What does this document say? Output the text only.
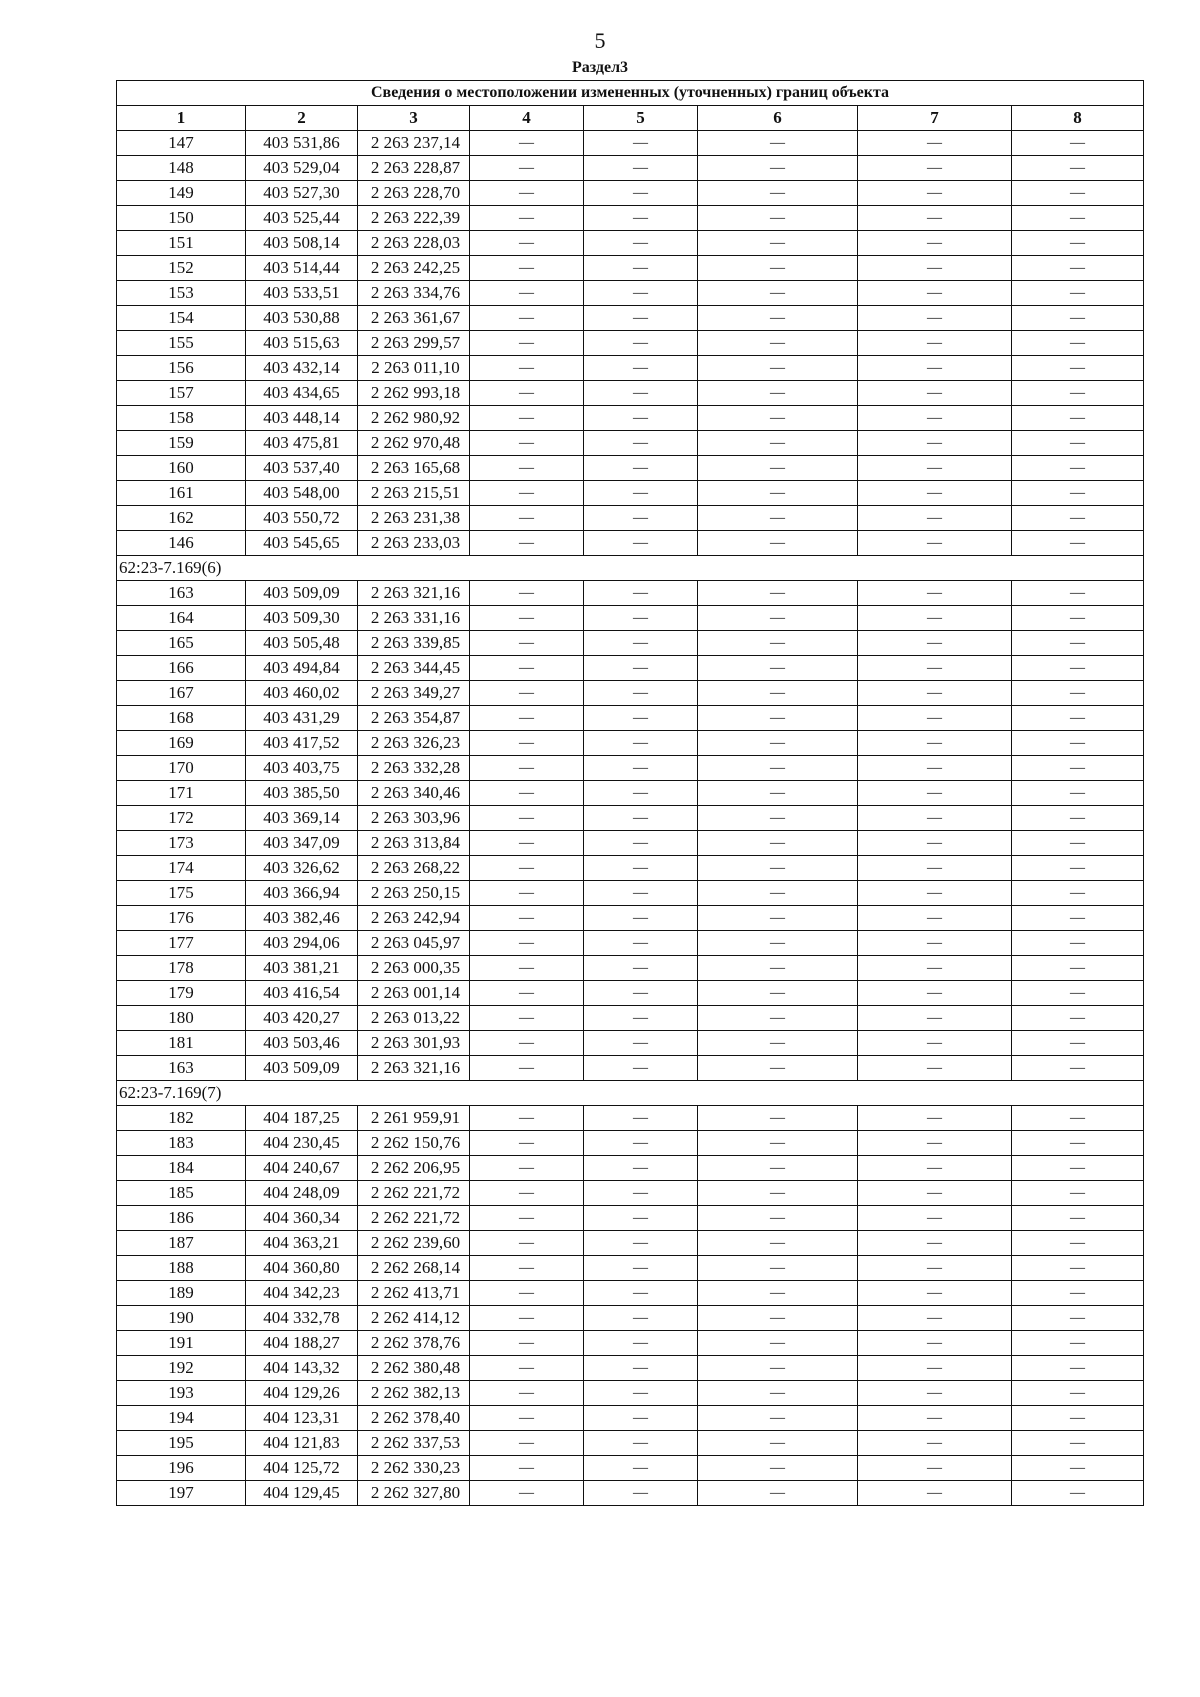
5
Раздел3
Сведения о местоположении измененных (уточненных) границ объекта							
1	2	3	4	5	6	7	8
147	403 531,86	2 263 237,14	—	—	—	—	—
148	403 529,04	2 263 228,87	—	—	—	—	—
149	403 527,30	2 263 228,70	—	—	—	—	—
150	403 525,44	2 263 222,39	—	—	—	—	—
151	403 508,14	2 263 228,03	—	—	—	—	—
152	403 514,44	2 263 242,25	—	—	—	—	—
153	403 533,51	2 263 334,76	—	—	—	—	—
154	403 530,88	2 263 361,67	—	—	—	—	—
155	403 515,63	2 263 299,57	—	—	—	—	—
156	403 432,14	2 263 011,10	—	—	—	—	—
157	403 434,65	2 262 993,18	—	—	—	—	—
158	403 448,14	2 262 980,92	—	—	—	—	—
159	403 475,81	2 262 970,48	—	—	—	—	—
160	403 537,40	2 263 165,68	—	—	—	—	—
161	403 548,00	2 263 215,51	—	—	—	—	—
162	403 550,72	2 263 231,38	—	—	—	—	—
146	403 545,65	2 263 233,03	—	—	—	—	—
62:23-7.169(6)							
163	403 509,09	2 263 321,16	—	—	—	—	—
164	403 509,30	2 263 331,16	—	—	—	—	—
165	403 505,48	2 263 339,85	—	—	—	—	—
166	403 494,84	2 263 344,45	—	—	—	—	—
167	403 460,02	2 263 349,27	—	—	—	—	—
168	403 431,29	2 263 354,87	—	—	—	—	—
169	403 417,52	2 263 326,23	—	—	—	—	—
170	403 403,75	2 263 332,28	—	—	—	—	—
171	403 385,50	2 263 340,46	—	—	—	—	—
172	403 369,14	2 263 303,96	—	—	—	—	—
173	403 347,09	2 263 313,84	—	—	—	—	—
174	403 326,62	2 263 268,22	—	—	—	—	—
175	403 366,94	2 263 250,15	—	—	—	—	—
176	403 382,46	2 263 242,94	—	—	—	—	—
177	403 294,06	2 263 045,97	—	—	—	—	—
178	403 381,21	2 263 000,35	—	—	—	—	—
179	403 416,54	2 263 001,14	—	—	—	—	—
180	403 420,27	2 263 013,22	—	—	—	—	—
181	403 503,46	2 263 301,93	—	—	—	—	—
163	403 509,09	2 263 321,16	—	—	—	—	—
62:23-7.169(7)							
182	404 187,25	2 261 959,91	—	—	—	—	—
183	404 230,45	2 262 150,76	—	—	—	—	—
184	404 240,67	2 262 206,95	—	—	—	—	—
185	404 248,09	2 262 221,72	—	—	—	—	—
186	404 360,34	2 262 221,72	—	—	—	—	—
187	404 363,21	2 262 239,60	—	—	—	—	—
188	404 360,80	2 262 268,14	—	—	—	—	—
189	404 342,23	2 262 413,71	—	—	—	—	—
190	404 332,78	2 262 414,12	—	—	—	—	—
191	404 188,27	2 262 378,76	—	—	—	—	—
192	404 143,32	2 262 380,48	—	—	—	—	—
193	404 129,26	2 262 382,13	—	—	—	—	—
194	404 123,31	2 262 378,40	—	—	—	—	—
195	404 121,83	2 262 337,53	—	—	—	—	—
196	404 125,72	2 262 330,23	—	—	—	—	—
197	404 129,45	2 262 327,80	—	—	—	—	—
